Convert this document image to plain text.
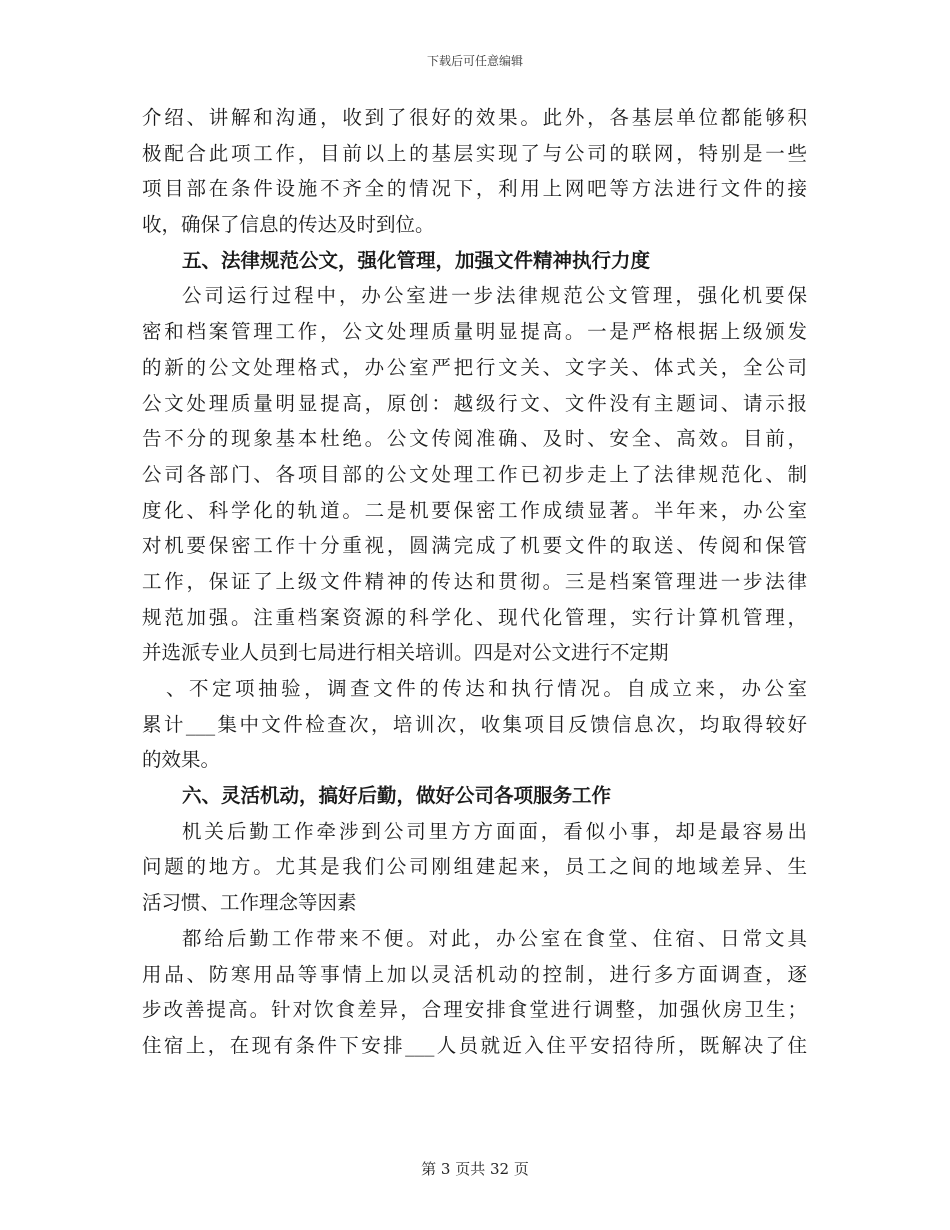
下载后可任意编辑
介绍、讲解和沟通，收到了很好的效果。此外，各基层单位都能够积
极配合此项工作，目前以上的基层实现了与公司的联网，特别是一些
项目部在条件设施不齐全的情况下，利用上网吧等方法进行文件的接
收，确保了信息的传达及时到位。
五、法律规范公文，强化管理，加强文件精神执行力度
公司运行过程中，办公室进一步法律规范公文管理，强化机要保
密和档案管理工作，公文处理质量明显提高。一是严格根据上级颁发
的新的公文处理格式，办公室严把行文关、文字关、体式关，全公司
公文处理质量明显提高，原创：越级行文、文件没有主题词、请示报
告不分的现象基本杜绝。公文传阅准确、及时、安全、高效。目前，
公司各部门、各项目部的公文处理工作已初步走上了法律规范化、制
度化、科学化的轨道。二是机要保密工作成绩显著。半年来，办公室
对机要保密工作十分重视，圆满完成了机要文件的取送、传阅和保管
工作，保证了上级文件精神的传达和贯彻。三是档案管理进一步法律
规范加强。注重档案资源的科学化、现代化管理，实行计算机管理，
并选派专业人员到七局进行相关培训。四是对公文进行不定期
、不定项抽验，调查文件的传达和执行情况。自成立来，办公室
累计___集中文件检查次，培训次，收集项目反馈信息次，均取得较好
的效果。
六、灵活机动，搞好后勤，做好公司各项服务工作
机关后勤工作牵涉到公司里方方面面，看似小事，却是最容易出
问题的地方。尤其是我们公司刚组建起来，员工之间的地域差异、生
活习惯、工作理念等因素
都给后勤工作带来不便。对此，办公室在食堂、住宿、日常文具
用品、防寒用品等事情上加以灵活机动的控制，进行多方面调查，逐
步改善提高。针对饮食差异，合理安排食堂进行调整，加强伙房卫生；
住宿上，在现有条件下安排___人员就近入住平安招待所，既解决了住
第 3 页共 32 页
